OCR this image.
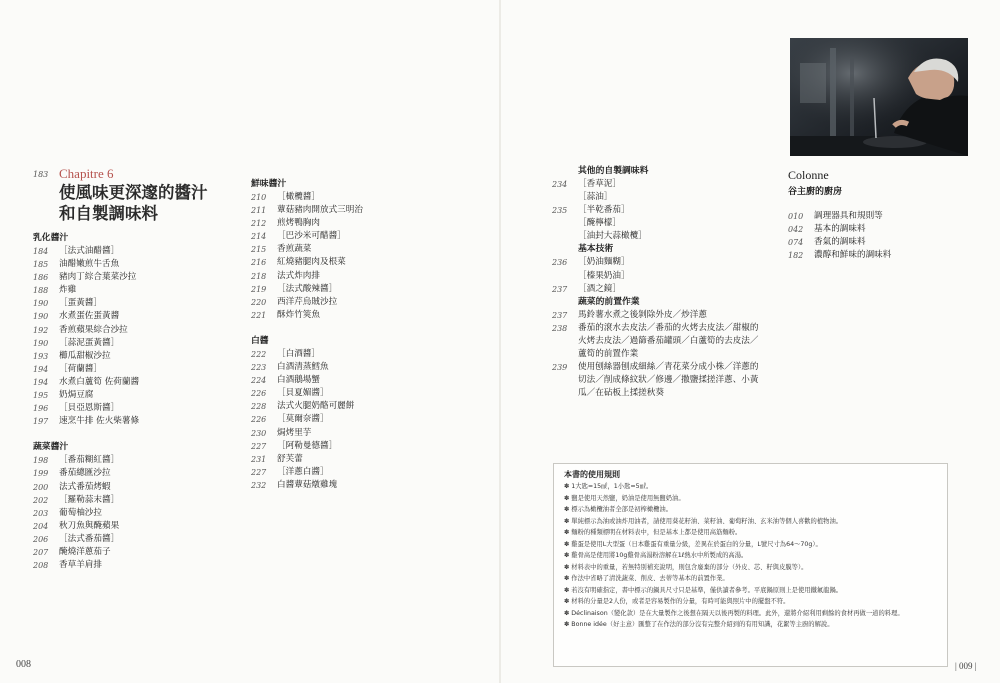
183 Chapitre 6
使風味更深邃的醬汁
和自製調味料
乳化醬汁
184	［法式油醋醬］
185	油醋嫩煎牛舌魚
186	豬肉丁綜合葉菜沙拉
188	炸雞
190	［蛋黃醬］
190	水煮蛋佐蛋黃醬
192	香煎蘋果綜合沙拉
190	［蒜泥蛋黃醬］
193	櫛瓜甜椒沙拉
194	［荷蘭醬］
194	水煮白蘆筍 佐荷蘭醬
195	奶焗豆腐
196	［貝亞恩斯醬］
197	速烹牛排 佐火柴薯條
蔬菜醬汁
198	［番茄糊紅醬］
199	番茄總匯沙拉
200	法式番茄烤蝦
202	［羅勒蒜末醬］
203	葡萄柚沙拉
204	秋刀魚與醃蘋果
206	［法式番茄醬］
207	醃燒洋蔥茄子
208	香草羊肩排
鮮味醬汁
210	［橄欖醬］
211	蕈菇豬肉開放式三明治
212	煎烤鴨胸肉
214	［巴沙米可醋醬］
215	香煎蔬菜
216	紅燒豬腿肉及根菜
218	法式炸肉排
219	［法式酸辣醬］
220	西洋芹烏賊沙拉
221	酥炸竹筴魚
白醬
222	［白酒醬］
223	白酒清蒸鱈魚
224	白酒鵝場蟹
226	［貝夏媚醬］
228	法式火腿奶酪可麗餅
226	［莫爾奈醬］
230	焗烤里芋
227	［阿勒曼德醬］
231	舒芙蕾
227	［洋蔥白醬］
232	白醬蕈菇燉雞塊
其他的自製調味料
234	［香草泥］
［蒜油］
235	［半乾番茄］
［醃檸檬］
［油封大蒜橄欖］
基本技術
236	［奶油麵糊］
［榛果奶油］
237	［酒之鏡］
蔬菜的前置作業
237	馬鈴薯水煮之後剝除外皮／炒洋蔥
238	番茄的滾水去皮法／番茄的火烤去皮法／甜椒的火烤去皮法／過篩番茄罐頭／白蘆筍的去皮法／蘆筍的前置作業
239	使用刨絲器刨成細絲／青花菜分成小株／洋蔥的切法／削成條紋狀／修邊／撒鹽揉搓洋蔥、小黃瓜／在砧板上揉搓秋葵
Colonne
谷主廚的廚房
010	調理器具和規則等
042	基本的調味料
074	香氣的調味料
182	濃醇和鮮味的調味料
本書的使用規則
✽ 1大匙=15㎖，1小匙=5㎖。
✽ 鹽是使用天然鹽，奶油是使用無鹽奶油。
✽ 標示為橄欖油者全部是初榨橄欖油。
✽ 單純標示為油或油炸用油者，請使用葵花籽油、菜籽油、葡萄籽油、玄米油等個人喜歡的植物油。
✽ 麵粉的種類標明在材料表中，但是基本上都是使用高筋麵粉。
✽ 雞蛋是使用L大型蛋（日本雞蛋有重量分級，差異在於蛋白的分量，L號尺寸為64～70g）。
✽ 雞骨高是使用將10g雞骨高湯粉溶解在1ℓ熱水中所製成的高湯。
✽ 材料表中的重量，若無特別補充說明，則包含廢棄的部分（外皮、芯、籽與皮膜等）。
✽ 作法中省略了清洗蔬菜、削皮、去蒂等基本的前置作業。
✽ 若沒有明確指定，書中標示的鍋具尺寸只是基準，僅供讀者參考。平底鍋原則上是使用鐵氟龍鍋。
✽ 材料的分量是2人份，或者是容易製作的分量，有時可能與照片中的擺盤不符。
✽ Déclinaison（變化款）是在大量製作之後想在隔天以後再製的料理。此外，還將介紹利用剩餘的食材再做一道的料理。
✽ Bonne idée（好主意）匯整了在作法的部分沒有完整介紹到的有用知識，花絮等主廚的解說。
008	| 009 |
